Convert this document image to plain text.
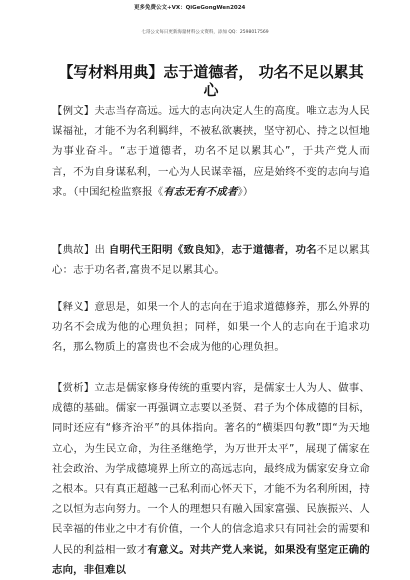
更多免费公文+VX：QiGeGongWen2024
七哥公文每日更新海量材料公文资料，添加 QQ：2598017569
【写材料用典】志于道德者， 功名不足以累其心
【例文】夫志当存高远。远大的志向决定人生的高度。唯立志为人民谋福祉，才能不为名利羁绊，不被私欲裹挟，坚守初心、持之以恒地为事业奋斗。“志于道德者，功名不足以累其心”，于共产党人而言，不为自身谋私利，一心为人民谋幸福，应是始终不变的志向与追求。（中国纪检监察报《有志无有不成者》）
【典故】出 自明代王阳明《致良知》，志于道德者，功名不足以累其心：志于功名者,富贵不足以累其心。
【释义】意思是，如果一个人的志向在于追求道德修养，那么外界的功名不会成为他的心理负担；同样，如果一个人的志向在于追求功名，那么物质上的富贵也不会成为他的心理负担。
【赏析】立志是儒家修身传统的重要内容，是儒家士人为人、做事、成德的基础。儒家一再强调立志要以圣贤、君子为个体成德的目标，同时还应有“修齐治平”的具体指向。著名的“横渠四句教”即“为天地立心，为生民立命，为往圣继绝学，为万世开太平”，展现了儒家在社会政治、为学成德境界上所立的高远志向，最终成为儒家安身立命之根本。只有真正超越一己私利而心怀天下，才能不为名利所困，持之以恒为志向努力。一个人的理想只有融入国家富强、民族振兴、人民幸福的伟业之中才有价值，一个人的信念追求只有同社会的需要和人民的利益相一致才有意义。对共产党人来说，如果没有坚定正确的志向，非但难以
